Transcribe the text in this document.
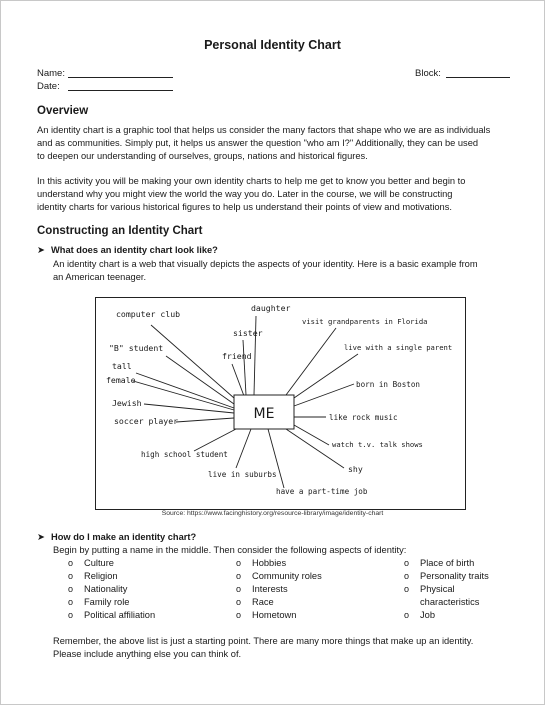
Personal Identity Chart
Name:
Date:
Block:
Overview
An identity chart is a graphic tool that helps us consider the many factors that shape who we are as individuals
and as communities. Simply put, it helps us answer the question "who am I?" Additionally, they can be used
to deepen our understanding of ourselves, groups, nations and historical figures.
In this activity you will be making your own identity charts to help me get to know you better and begin to
understand why you might view the world the way you do. Later in the course, we will be constructing
identity charts for various historical figures to help us understand their points of view and motivations.
Constructing an Identity Chart
➤ What does an identity chart look like?
An identity chart is a web that visually depicts the aspects of your identity. Here is a basic example from
an American teenager.
ME
computer club
daughter
visit grandparents in Florida
sister
"B" student	live with a single parent
friend
tall
female	born in Boston
Jewish
soccer player	like rock music
watch t.v. talk shows
high school student
shy
live in suburbs
have a part-time job
Source: https://www.facinghistory.org/resource-library/image/identity-chart
➤ How do I make an identity chart?
Begin by putting a name in the middle. Then consider the following aspects of identity:
o Culture
o Religion
o Nationality
o Family role
o Political affiliation
o Hobbies
o Community roles
o Interests
o Race
o Hometown
o Place of birth
o Personality traits
o Physical
characteristics
o Job
Remember, the above list is just a starting point. There are many more things that make up an identity.
Please include anything else you can think of.
